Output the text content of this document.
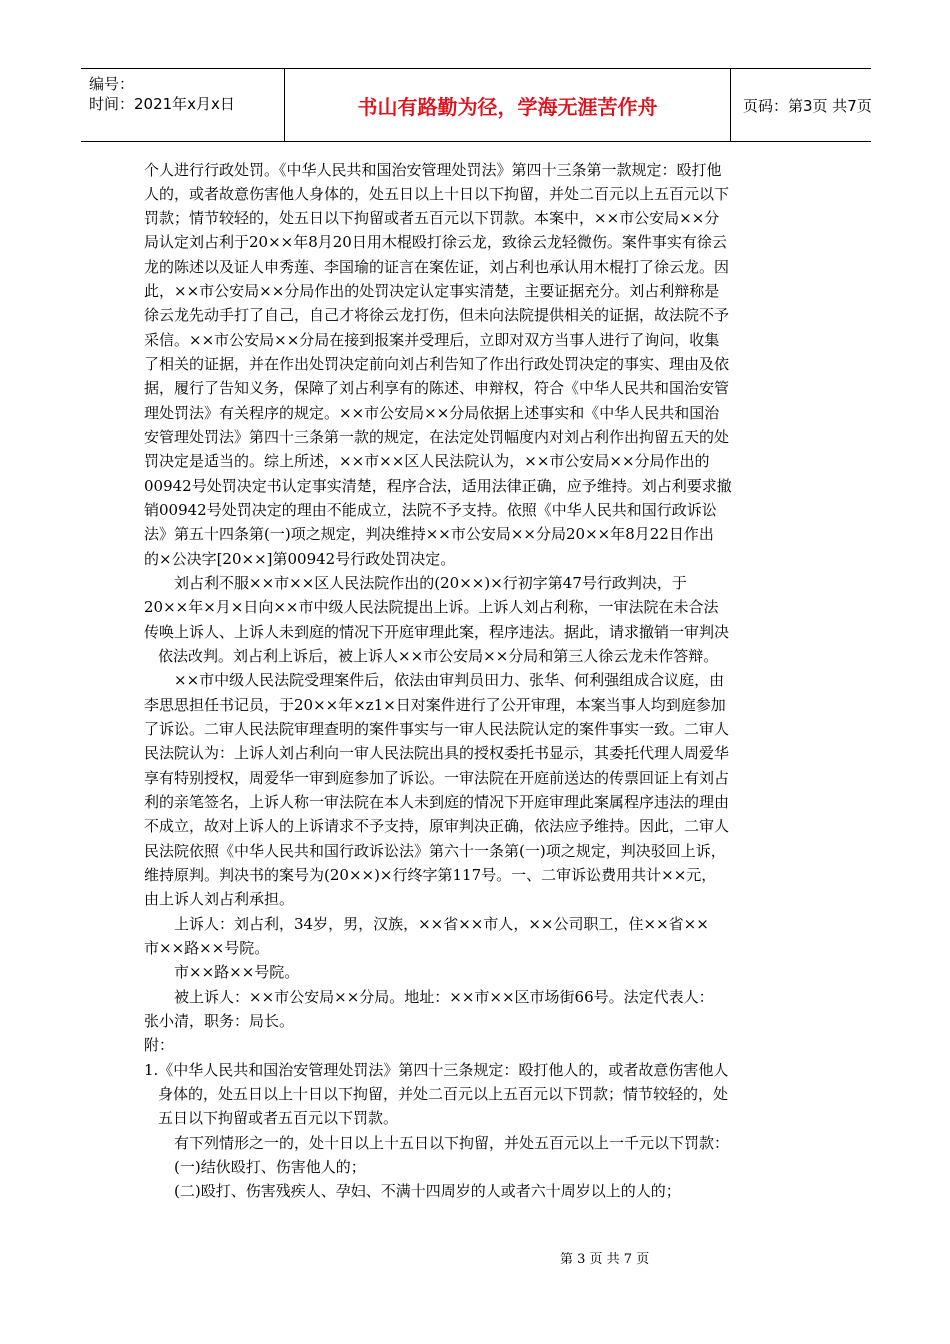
编号：
时间：2021年x月x日	书山有路勤为径，学海无涯苦作舟	页码：第3页 共7页
个人进行行政处罚。《中华人民共和国治安管理处罚法》第四十三条第一款规定：殴打他
人的，或者故意伤害他人身体的，处五日以上十日以下拘留，并处二百元以上五百元以下
罚款；情节较轻的，处五日以下拘留或者五百元以下罚款。本案中，××市公安局××分
局认定刘占利于20××年8月20日用木棍殴打徐云龙，致徐云龙轻微伤。案件事实有徐云
龙的陈述以及证人申秀莲、李国瑜的证言在案佐证，刘占利也承认用木棍打了徐云龙。因
此，××市公安局××分局作出的处罚决定认定事实清楚，主要证据充分。刘占利辩称是
徐云龙先动手打了自己，自己才将徐云龙打伤，但未向法院提供相关的证据，故法院不予
采信。××市公安局××分局在接到报案并受理后，立即对双方当事人进行了询问，收集
了相关的证据，并在作出处罚决定前向刘占利告知了作出行政处罚决定的事实、理由及依
据，履行了告知义务，保障了刘占利享有的陈述、申辩权，符合《中华人民共和国治安管
理处罚法》有关程序的规定。××市公安局××分局依据上述事实和《中华人民共和国治
安管理处罚法》第四十三条第一款的规定，在法定处罚幅度内对刘占利作出拘留五天的处
罚决定是适当的。综上所述，××市××区人民法院认为，××市公安局××分局作出的
00942号处罚决定书认定事实清楚，程序合法，适用法律正确，应予维持。刘占利要求撤
销00942号处罚决定的理由不能成立，法院不予支持。依照《中华人民共和国行政诉讼
法》第五十四条第(一)项之规定，判决维持××市公安局××分局20××年8月22日作出
的×公决字[20××]第00942号行政处罚决定。
刘占利不服××市××区人民法院作出的(20××)×行初字第47号行政判决，于
20××年×月×日向××市中级人民法院提出上诉。上诉人刘占利称，一审法院在未合法
传唤上诉人、上诉人未到庭的情况下开庭审理此案，程序违法。据此，请求撤销一审判决
依法改判。刘占利上诉后，被上诉人××市公安局××分局和第三人徐云龙未作答辩。
××市中级人民法院受理案件后，依法由审判员田力、张华、何利强组成合议庭，由
李思思担任书记员，于20××年×z1×日对案件进行了公开审理，本案当事人均到庭参加
了诉讼。二审人民法院审理查明的案件事实与一审人民法院认定的案件事实一致。二审人
民法院认为：上诉人刘占利向一审人民法院出具的授权委托书显示，其委托代理人周爱华
享有特别授权，周爱华一审到庭参加了诉讼。一审法院在开庭前送达的传票回证上有刘占
利的亲笔签名，上诉人称一审法院在本人未到庭的情况下开庭审理此案属程序违法的理由
不成立，故对上诉人的上诉请求不予支持，原审判决正确，依法应予维持。因此，二审人
民法院依照《中华人民共和国行政诉讼法》第六十一条第(一)项之规定，判决驳回上诉，
维持原判。判决书的案号为(20××)×行终字第117号。一、二审诉讼费用共计××元，
由上诉人刘占利承担。
上诉人：刘占利，34岁，男，汉族，××省××市人，××公司职工，住××省××
市××路××号院。
市××路××号院。
被上诉人：××市公安局××分局。地址：××市××区市场街66号。法定代表人：
张小清，职务：局长。
附：
1.《中华人民共和国治安管理处罚法》第四十三条规定：殴打他人的，或者故意伤害他人
身体的，处五日以上十日以下拘留，并处二百元以上五百元以下罚款；情节较轻的，处
五日以下拘留或者五百元以下罚款。
有下列情形之一的，处十日以上十五日以下拘留，并处五百元以上一千元以下罚款：
(一)结伙殴打、伤害他人的；
(二)殴打、伤害残疾人、孕妇、不满十四周岁的人或者六十周岁以上的人的；
第 3 页 共 7 页
